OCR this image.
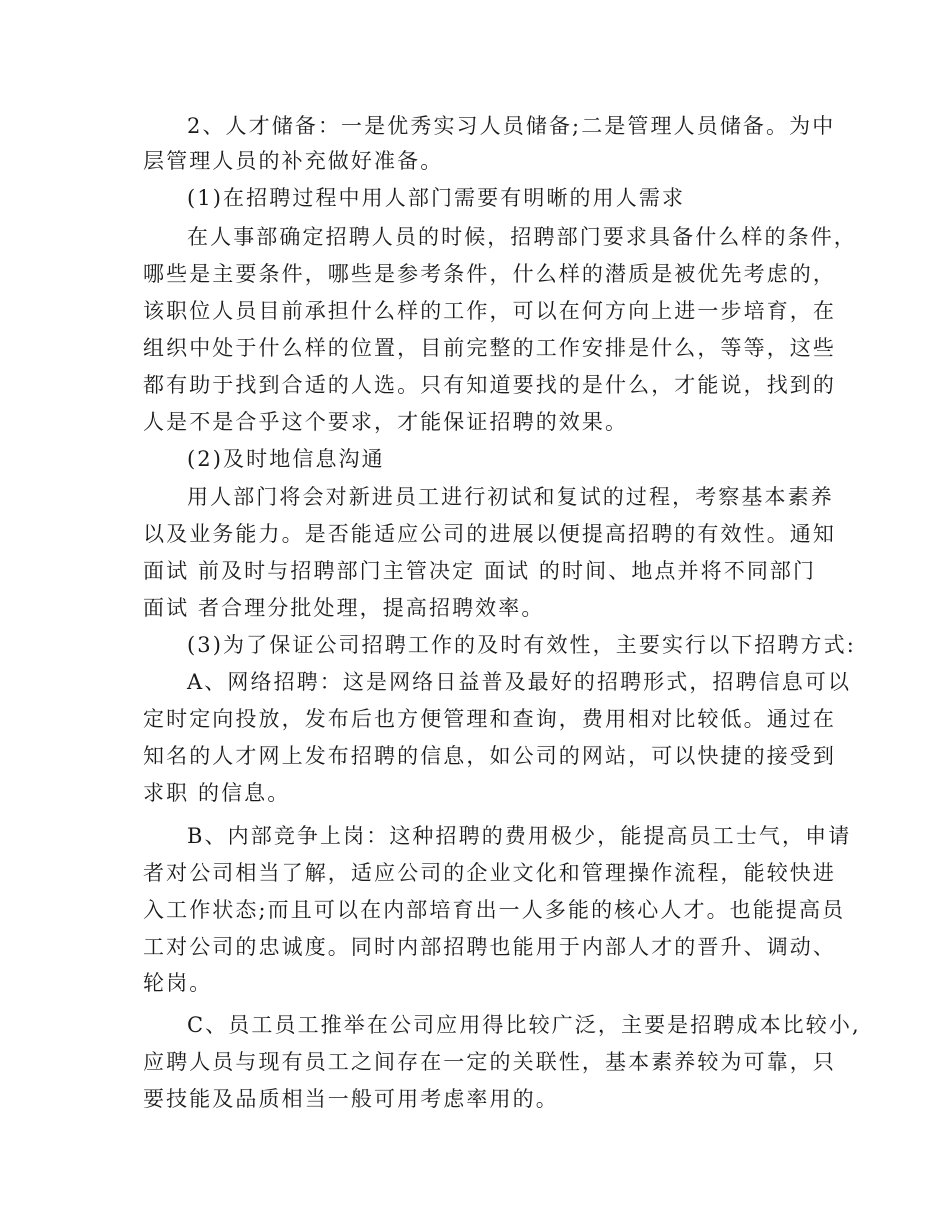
2、人才储备：一是优秀实习人员储备;二是管理人员储备。为中
层管理人员的补充做好准备。
(1)在招聘过程中用人部门需要有明晰的用人需求
在人事部确定招聘人员的时候，招聘部门要求具备什么样的条件，
哪些是主要条件，哪些是参考条件，什么样的潜质是被优先考虑的，
该职位人员目前承担什么样的工作，可以在何方向上进一步培育，在
组织中处于什么样的位置，目前完整的工作安排是什么，等等，这些
都有助于找到合适的人选。只有知道要找的是什么，才能说，找到的
人是不是合乎这个要求，才能保证招聘的效果。
(2)及时地信息沟通
用人部门将会对新进员工进行初试和复试的过程，考察基本素养
以及业务能力。是否能适应公司的进展以便提高招聘的有效性。通知
面试 前及时与招聘部门主管决定 面试 的时间、地点并将不同部门
面试 者合理分批处理，提高招聘效率。
(3)为了保证公司招聘工作的及时有效性，主要实行以下招聘方式:
A、网络招聘：这是网络日益普及最好的招聘形式，招聘信息可以
定时定向投放，发布后也方便管理和查询，费用相对比较低。通过在
知名的人才网上发布招聘的信息，如公司的网站，可以快捷的接受到
求职 的信息。
B、内部竞争上岗：这种招聘的费用极少，能提高员工士气，申请
者对公司相当了解，适应公司的企业文化和管理操作流程，能较快进
入工作状态;而且可以在内部培育出一人多能的核心人才。也能提高员
工对公司的忠诚度。同时内部招聘也能用于内部人才的晋升、调动、
轮岗。
C、员工员工推举在公司应用得比较广泛，主要是招聘成本比较小,
应聘人员与现有员工之间存在一定的关联性，基本素养较为可靠，只
要技能及品质相当一般可用考虑率用的。
